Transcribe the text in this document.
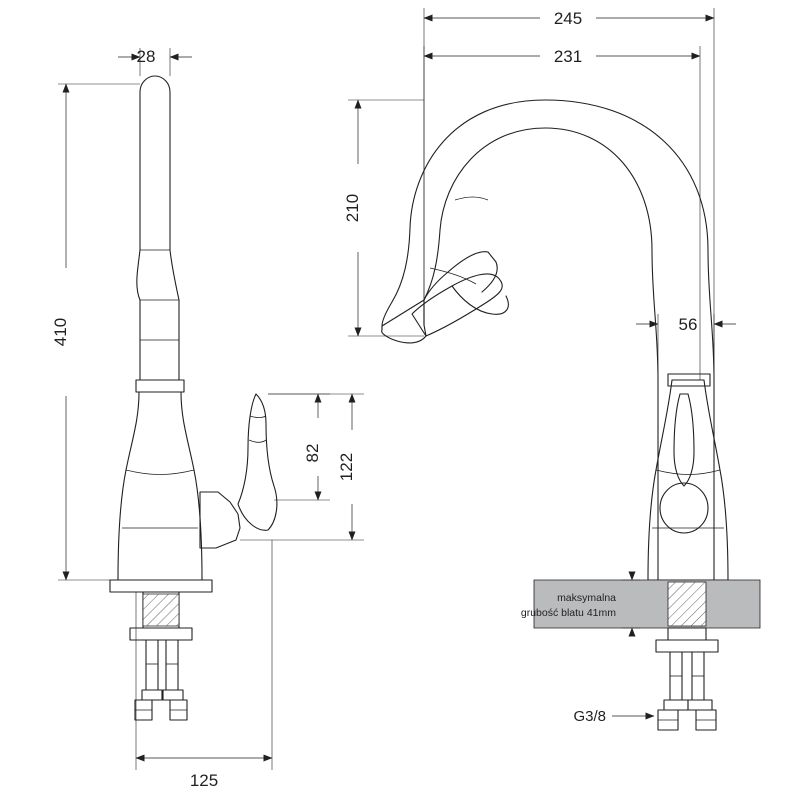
28
410
82 122
125
245
231
210
56
maksymalna
grubość blatu 41mm
G3/8
